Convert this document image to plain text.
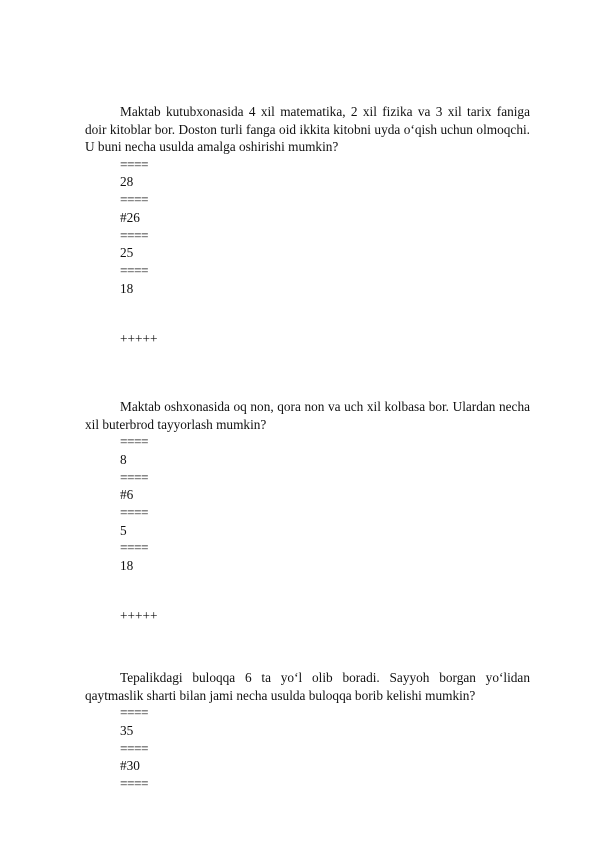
Maktab kutubxonasida 4 xil matematika, 2 xil fizika va 3 xil tarix faniga doir kitoblar bor. Doston turli fanga oid ikkita kitobni uyda o‘qish uchun olmoqchi. U buni necha usulda amalga oshirishi mumkin?

====
28
====
#26
====
25
====
18
+++++

Maktab oshxonasida oq non, qora non va uch xil kolbasa bor. Ulardan necha xil buterbrod tayyorlash mumkin?

====
8
====
#6
====
5
====
18
+++++

Tepalikdagi buloqqa 6 ta yo‘l olib boradi. Sayyoh borgan yo‘lidan qaytmaslik sharti bilan jami necha usulda buloqqa borib kelishi mumkin?

====
35
====
#30
====
